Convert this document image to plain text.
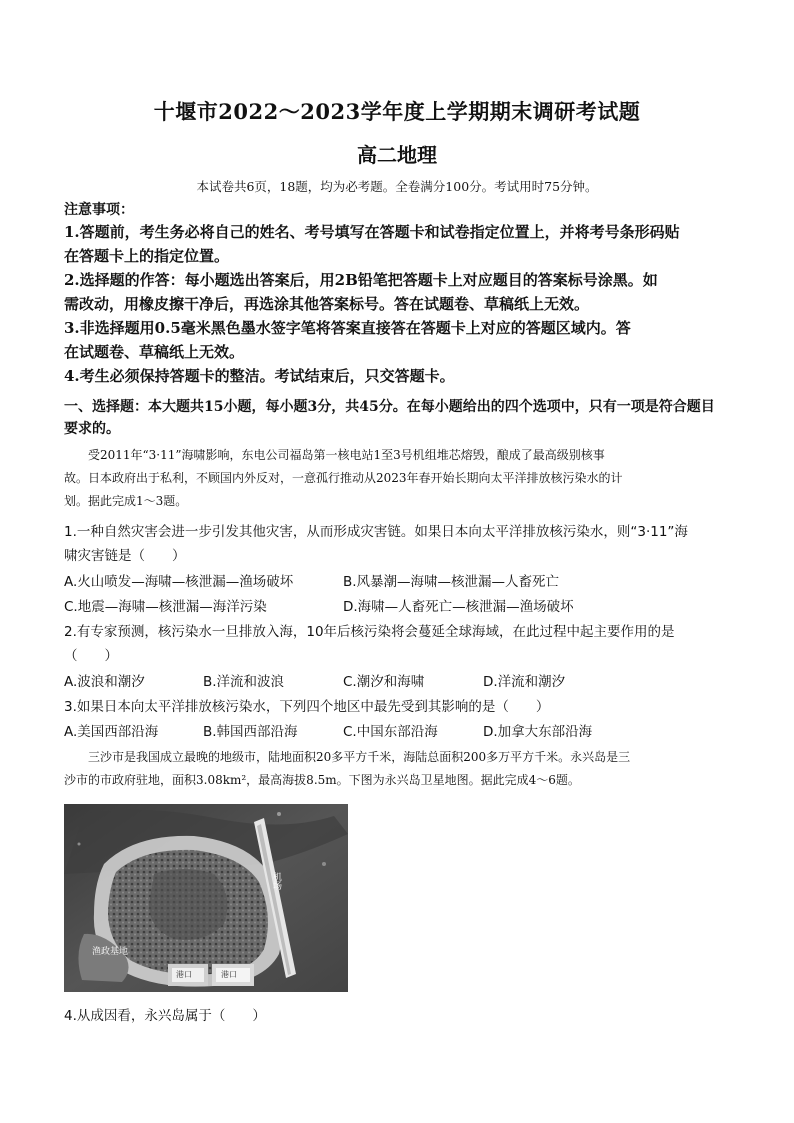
十堰市2022～2023学年度上学期期末调研考试题
高二地理
本试卷共6页，18题，均为必考题。全卷满分100分。考试用时75分钟。
注意事项：
1.答题前，考生务必将自己的姓名、考号填写在答题卡和试卷指定位置上，并将考号条形码贴
在答题卡上的指定位置。
2.选择题的作答：每小题选出答案后，用2B铅笔把答题卡上对应题目的答案标号涂黑。如
需改动，用橡皮擦干净后，再选涂其他答案标号。答在试题卷、草稿纸上无效。
3.非选择题用0.5毫米黑色墨水签字笔将答案直接答在答题卡上对应的答题区域内。答
在试题卷、草稿纸上无效。
4.考生必须保持答题卡的整洁。考试结束后，只交答题卡。
一、选择题：本大题共15小题，每小题3分，共45分。在每小题给出的四个选项中，只有一项是符合题目
要求的。
受2011年“3·11”海啸影响，东电公司福岛第一核电站1至3号机组堆芯熔毁，酿成了最高级别核事
故。日本政府出于私利，不顾国内外反对，一意孤行推动从2023年春开始长期向太平洋排放核污染水的计
划。据此完成1～3题。
1.一种自然灾害会进一步引发其他灾害，从而形成灾害链。如果日本向太平洋排放核污染水，则“3·11”海
啸灾害链是（　　）
A.火山喷发—海啸—核泄漏—渔场破坏	B.风暴潮—海啸—核泄漏—人畜死亡
C.地震—海啸—核泄漏—海洋污染	D.海啸—人畜死亡—核泄漏—渔场破坏
2.有专家预测，核污染水一旦排放入海，10年后核污染将会蔓延全球海域，在此过程中起主要作用的是
（　　）
A.波浪和潮汐	B.洋流和波浪	C.潮汐和海啸	D.洋流和潮汐
3.如果日本向太平洋排放核污染水，下列四个地区中最先受到其影响的是（　　）
A.美国西部沿海	B.韩国西部沿海	C.中国东部沿海	D.加拿大东部沿海
三沙市是我国成立最晚的地级市，陆地面积20多平方千米，海陆总面积200多万平方千米。永兴岛是三
沙市的市政府驻地，面积3.08km²，最高海拔8.5m。下图为永兴岛卫星地图。据此完成4～6题。
机场
渔政基地
港口	港口
4.从成因看，永兴岛属于（　　）
